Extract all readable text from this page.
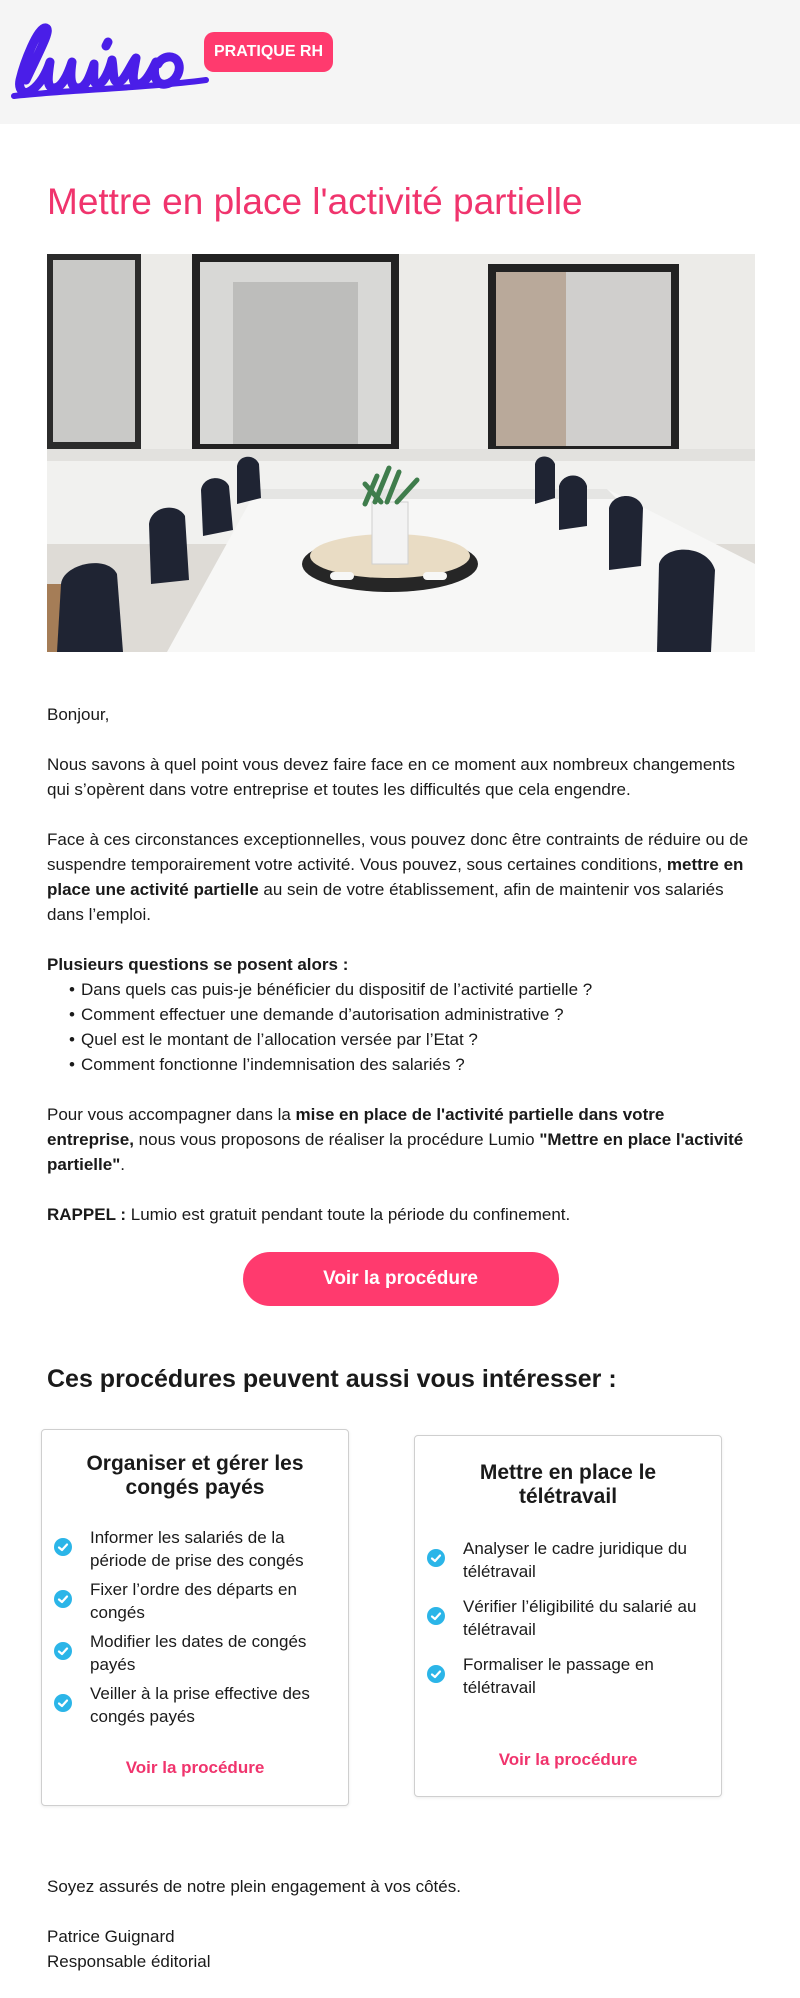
PRATIQUE RH
Mettre en place l'activité partielle

Bonjour,

Nous savons à quel point vous devez faire face en ce moment aux nombreux changements qui s’opèrent dans votre entreprise et toutes les difficultés que cela engendre.

Face à ces circonstances exceptionnelles, vous pouvez donc être contraints de réduire ou de suspendre temporairement votre activité. Vous pouvez, sous certaines conditions, mettre en place une activité partielle au sein de votre établissement, afin de maintenir vos salariés dans l’emploi.

Plusieurs questions se posent alors :
• Dans quels cas puis-je bénéficier du dispositif de l’activité partielle ?
• Comment effectuer une demande d’autorisation administrative ?
• Quel est le montant de l’allocation versée par l’Etat ?
• Comment fonctionne l’indemnisation des salariés ?

Pour vous accompagner dans la mise en place de l'activité partielle dans votre entreprise, nous vous proposons de réaliser la procédure Lumio "Mettre en place l'activité partielle".

RAPPEL : Lumio est gratuit pendant toute la période du confinement.

Voir la procédure
Ces procédures peuvent aussi vous intéresser :
Organiser et gérer les congés payés
Informer les salariés de la période de prise des congés
Fixer l’ordre des départs en congés
Modifier les dates de congés payés
Veiller à la prise effective des congés payés
Voir la procédure
Mettre en place le télétravail
Analyser le cadre juridique du télétravail
Vérifier l’éligibilité du salarié au télétravail
Formaliser le passage en télétravail
Voir la procédure

Soyez assurés de notre plein engagement à vos côtés.

Patrice Guignard
Responsable éditorial
